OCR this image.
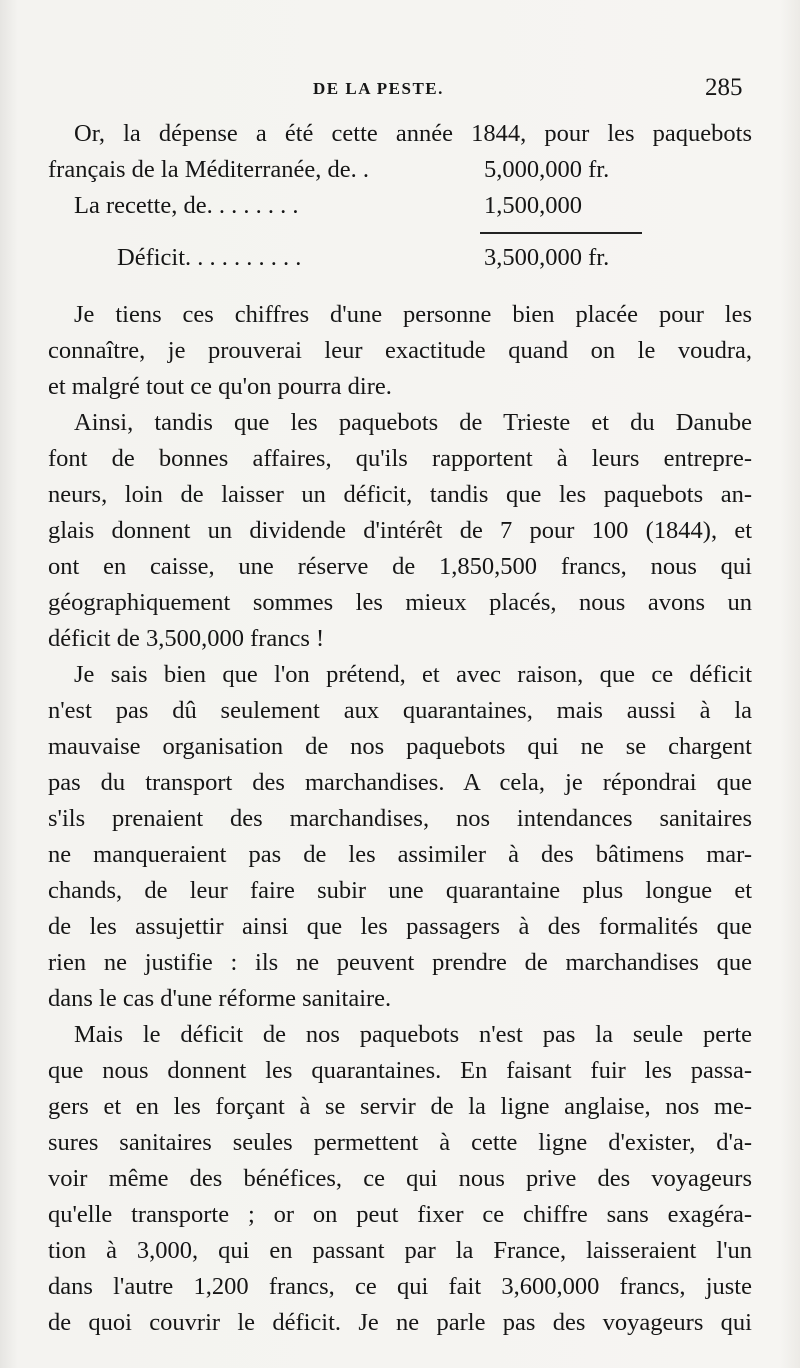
DE LA PESTE.	285
Or, la dépense a été cette année 1844, pour les paquebots
français de la Méditerranée, de. .	5,000,000 fr.
La recette, de. . . . . . . .	1,500,000
Déficit. . . . . . . . . .	3,500,000 fr.
Je tiens ces chiffres d'une personne bien placée pour les
connaître, je prouverai leur exactitude quand on le voudra,
et malgré tout ce qu'on pourra dire.
Ainsi, tandis que les paquebots de Trieste et du Danube
font de bonnes affaires, qu'ils rapportent à leurs entrepre-
neurs, loin de laisser un déficit, tandis que les paquebots an-
glais donnent un dividende d'intérêt de 7 pour 100 (1844), et
ont en caisse, une réserve de 1,850,500 francs, nous qui
géographiquement sommes les mieux placés, nous avons un
déficit de 3,500,000 francs !
Je sais bien que l'on prétend, et avec raison, que ce déficit
n'est pas dû seulement aux quarantaines, mais aussi à la
mauvaise organisation de nos paquebots qui ne se chargent
pas du transport des marchandises. A cela, je répondrai que
s'ils prenaient des marchandises, nos intendances sanitaires
ne manqueraient pas de les assimiler à des bâtimens mar-
chands, de leur faire subir une quarantaine plus longue et
de les assujettir ainsi que les passagers à des formalités que
rien ne justifie : ils ne peuvent prendre de marchandises que
dans le cas d'une réforme sanitaire.
Mais le déficit de nos paquebots n'est pas la seule perte
que nous donnent les quarantaines. En faisant fuir les passa-
gers et en les forçant à se servir de la ligne anglaise, nos me-
sures sanitaires seules permettent à cette ligne d'exister, d'a-
voir même des bénéfices, ce qui nous prive des voyageurs
qu'elle transporte ; or on peut fixer ce chiffre sans exagéra-
tion à 3,000, qui en passant par la France, laisseraient l'un
dans l'autre 1,200 francs, ce qui fait 3,600,000 francs, juste
de quoi couvrir le déficit. Je ne parle pas des voyageurs qui
